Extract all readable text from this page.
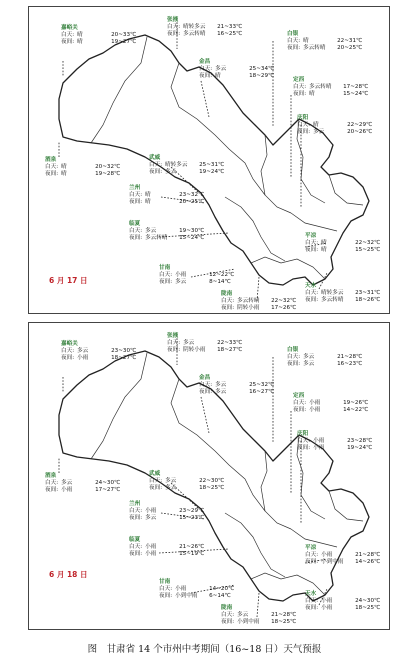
6 月 17 日
嘉峪关
白天: 晴	20~33℃
夜间: 晴	19~27℃
张掖
白天: 晴转多云 21~33℃
夜间: 多云转晴 16~25℃	白银
白天: 晴	22~31℃
夜间: 多云转晴 20~25℃
金昌
白天: 多云	25~34℃
夜间: 晴	18~29℃
定西
白天: 多云转晴 17~28℃
夜间: 晴	15~24℃
庆阳
白天: 晴	22~29℃
夜间: 多云	20~26℃
酒泉
白天: 晴	20~32℃
夜间: 晴	19~28℃
武威
白天: 晴转多云 25~31℃
夜间: 多云	19~24℃
兰州
白天: 晴	23~32℃
夜间: 晴	20~25℃
临夏
白天: 多云	19~30℃
夜间: 多云转晴 15~24℃	平凉
白天: 晴	22~32℃
夜间: 晴	15~25℃
甘南
白天: 小雨	12~22℃
夜间: 多云	8~14℃
陇南
白天: 多云转晴 22~32℃
夜间: 阴转小雨 17~26℃
天水
白天: 晴转多云 23~31℃
夜间: 多云转晴 18~26℃
6 月 18 日
嘉峪关
白天: 多云	23~30℃
夜间: 小雨	18~27℃
张掖
白天: 多云	22~33℃
夜间: 阴转小雨 18~27℃	白银
白天: 多云	21~28℃
夜间: 多云	16~23℃
金昌
白天: 多云	25~32℃
夜间: 多云	16~27℃
定西
白天: 小雨	19~26℃
夜间: 小雨	14~22℃
庆阳
白天: 小雨	23~28℃
夜间: 小雨	19~24℃
酒泉
白天: 多云	24~30℃
夜间: 小雨	17~27℃
武威
白天: 多云	22~30℃
夜间: 多云	18~25℃
兰州
白天: 小雨	23~29℃
夜间: 多云	15~23℃
临夏
白天: 小雨	21~26℃
夜间: 小雨	15~19℃
平凉
白天: 小雨	21~28℃
夜间: 小到中雨 14~26℃
甘南
白天: 小雨	14~20℃
夜间: 小到中雨 6~14℃
陇南
白天: 多云	21~28℃
夜间: 小到中雨 18~25℃
天水
白天: 小雨	24~30℃
夜间: 小雨	18~25℃
图　甘肃省 14 个市州中考期间（16~18 日）天气预报
